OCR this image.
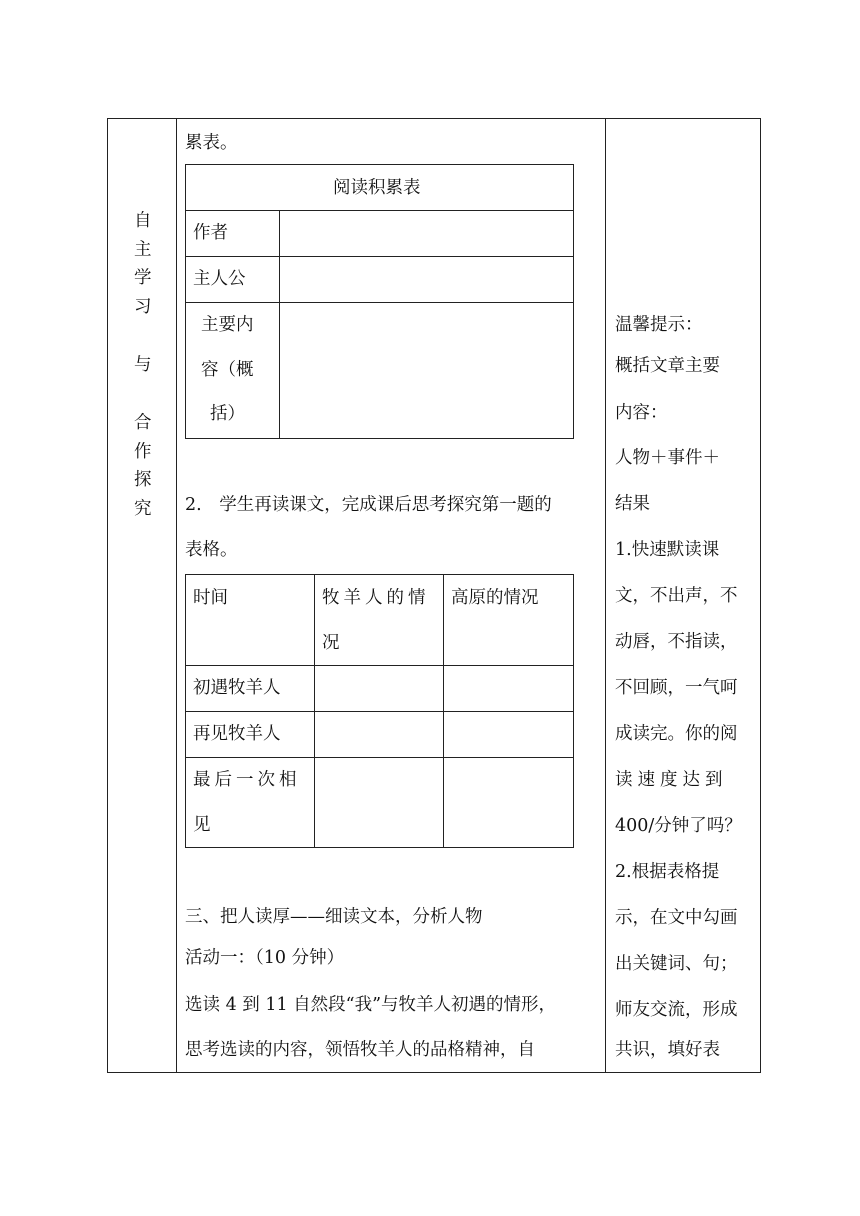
自
主
学
习
与
合
作
探
究
累表。
阅读积累表
作者
主人公
主要内
容（概
括）
2.　学生再读课文，完成课后思考探究第一题的
表格。
时间	牧羊人的情
况
高原的情况
初遇牧羊人
再见牧羊人
最后一次相
见
三、把人读厚——细读文本，分析人物
活动一：（10 分钟）
选读 4 到 11 自然段“我”与牧羊人初遇的情形，
思考选读的内容，领悟牧羊人的品格精神，自
温馨提示：
概括文章主要
内容：
人物＋事件＋
结果
1.快速默读课
文，不出声，不
动唇，不指读，
不回顾，一气呵
成读完。你的阅
读速度达到
400/分钟了吗？
2.根据表格提
示，在文中勾画
出关键词、句；
师友交流，形成
共识，填好表
